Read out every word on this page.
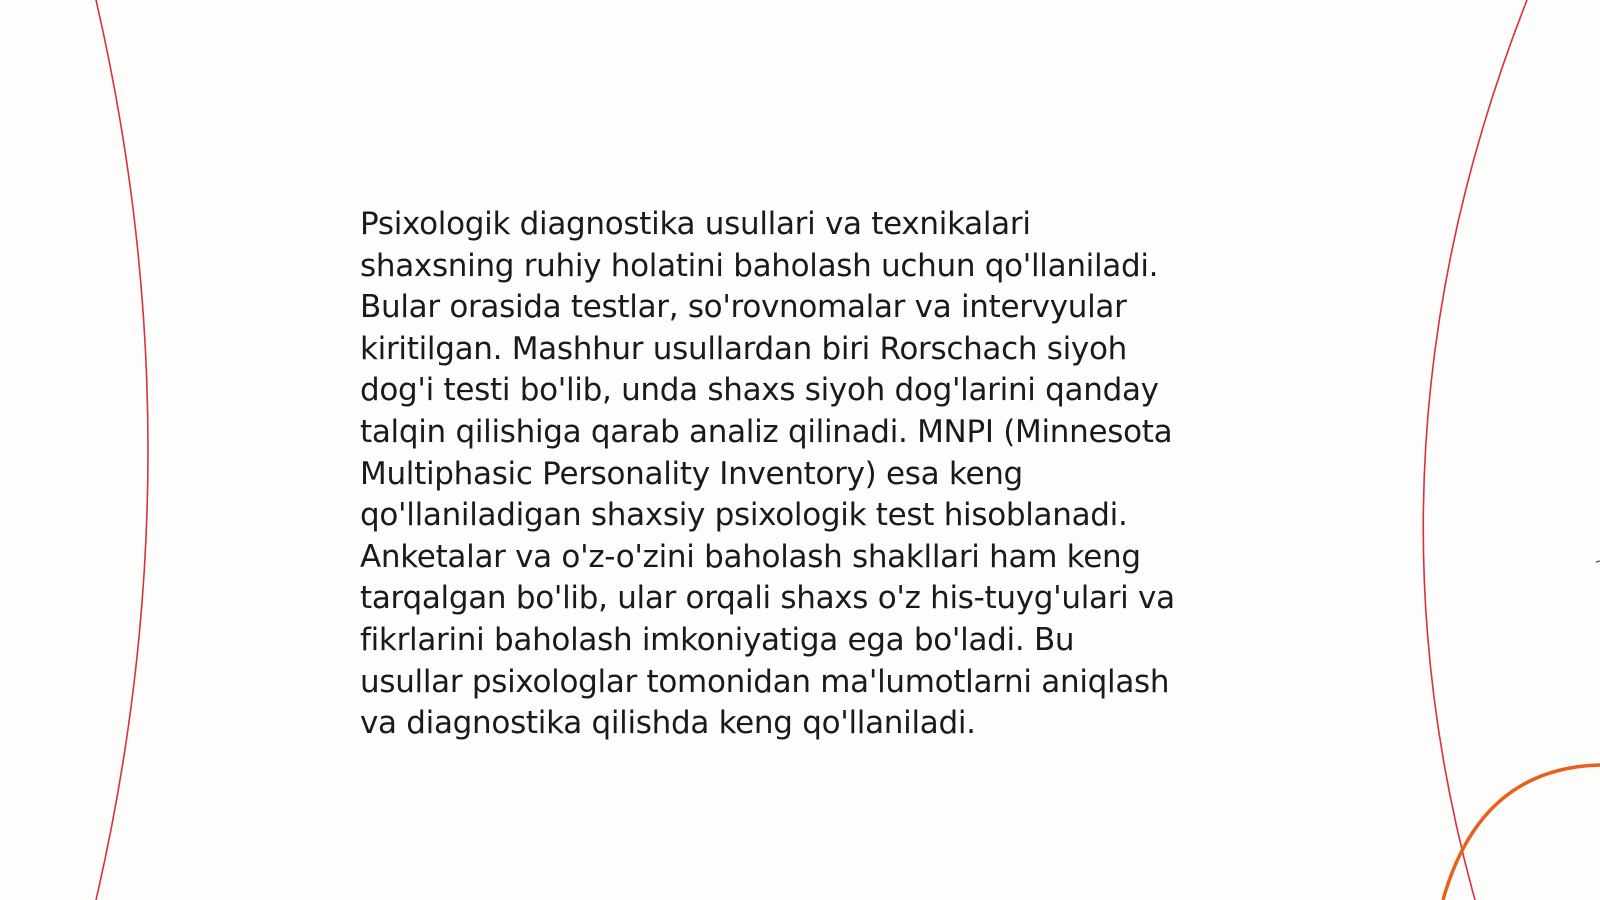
Psixologik diagnostika usullari va texnikalari
shaxsning ruhiy holatini baholash uchun qo'llaniladi.
Bular orasida testlar, so'rovnomalar va intervyular
kiritilgan. Mashhur usullardan biri Rorschach siyoh
dog'i testi bo'lib, unda shaxs siyoh dog'larini qanday
talqin qilishiga qarab analiz qilinadi. MNPI (Minnesota
Multiphasic Personality Inventory) esa keng
qo'llaniladigan shaxsiy psixologik test hisoblanadi.
Anketalar va o'z-o'zini baholash shakllari ham keng
tarqalgan bo'lib, ular orqali shaxs o'z his-tuyg'ulari va
fikrlarini baholash imkoniyatiga ega bo'ladi. Bu
usullar psixologlar tomonidan ma'lumotlarni aniqlash
va diagnostika qilishda keng qo'llaniladi.
